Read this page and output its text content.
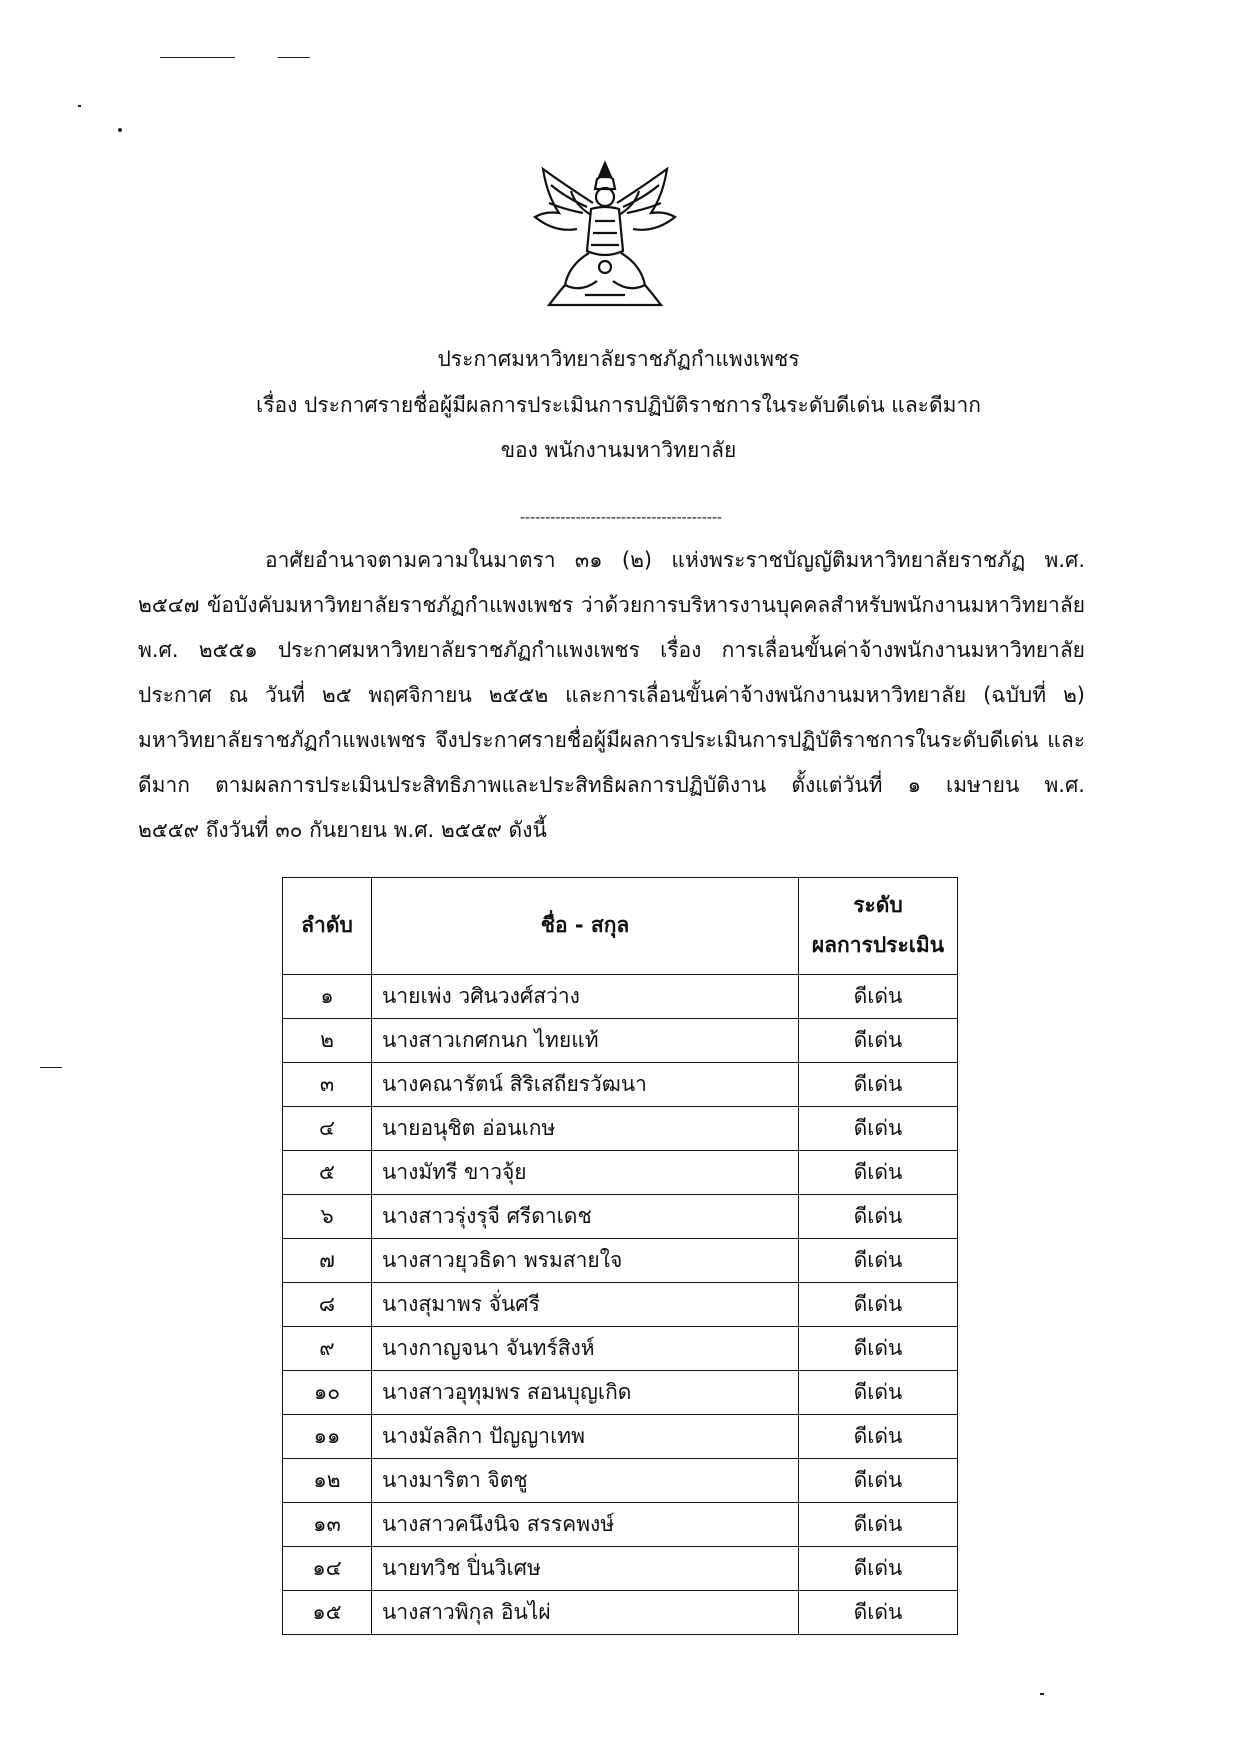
ประกาศมหาวิทยาลัยราชภัฏกำแพงเพชร
เรื่อง ประกาศรายชื่อผู้มีผลการประเมินการปฏิบัติราชการในระดับดีเด่น และดีมาก
ของ พนักงานมหาวิทยาลัย
----------------------------------------
อาศัยอำนาจตามความในมาตรา ๓๑ (๒) แห่งพระราชบัญญัติมหาวิทยาลัยราชภัฏ พ.ศ.
๒๕๔๗ ข้อบังคับมหาวิทยาลัยราชภัฏกำแพงเพชร ว่าด้วยการบริหารงานบุคคลสำหรับพนักงานมหาวิทยาลัย
พ.ศ. ๒๕๕๑ ประกาศมหาวิทยาลัยราชภัฏกำแพงเพชร เรื่อง การเลื่อนขั้นค่าจ้างพนักงานมหาวิทยาลัย
ประกาศ ณ วันที่ ๒๕ พฤศจิกายน ๒๕๕๒ และการเลื่อนขั้นค่าจ้างพนักงานมหาวิทยาลัย (ฉบับที่ ๒)
มหาวิทยาลัยราชภัฏกำแพงเพชร จึงประกาศรายชื่อผู้มีผลการประเมินการปฏิบัติราชการในระดับดีเด่น และ
ดีมาก ตามผลการประเมินประสิทธิภาพและประสิทธิผลการปฏิบัติงาน ตั้งแต่วันที่ ๑ เมษายน พ.ศ.
๒๕๕๙ ถึงวันที่ ๓๐ กันยายน พ.ศ. ๒๕๕๙ ดังนี้
ลำดับ	ชื่อ - สกุล	ระดับ
ผลการประเมิน

๑	นายเพ่ง วศินวงศ์สว่าง	ดีเด่น
๒	นางสาวเกศกนก ไทยแท้	ดีเด่น
๓	นางคณารัตน์ สิริเสถียรวัฒนา	ดีเด่น
๔	นายอนุชิต อ่อนเกษ	ดีเด่น
๕	นางมัทรี ขาวจุ้ย	ดีเด่น
๖	นางสาวรุ่งรุจี ศรีดาเดช	ดีเด่น
๗	นางสาวยุวธิดา พรมสายใจ	ดีเด่น
๘	นางสุมาพร จั่นศรี	ดีเด่น
๙	นางกาญจนา จันทร์สิงห์	ดีเด่น
๑๐	นางสาวอุทุมพร สอนบุญเกิด	ดีเด่น
๑๑	นางมัลลิกา ปัญญาเทพ	ดีเด่น
๑๒	นางมาริตา จิตชู	ดีเด่น
๑๓	นางสาวคนึงนิจ สรรคพงษ์	ดีเด่น
๑๔	นายทวิช ปิ่นวิเศษ	ดีเด่น
๑๕	นางสาวพิกุล อินไผ่	ดีเด่น
